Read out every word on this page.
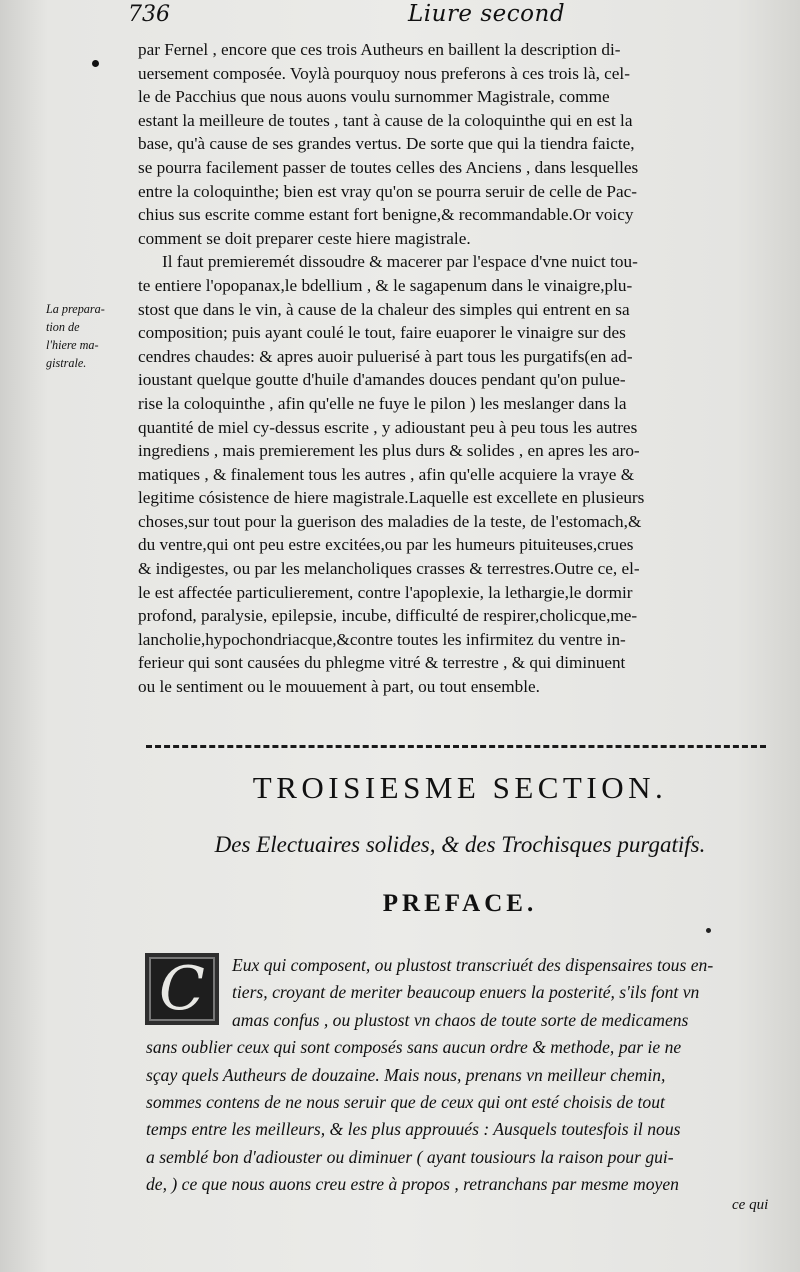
736	Liure second
La prepara-
tion de
l'hiere ma-
gistrale.
par Fernel , encore que ces trois Autheurs en baillent la description di-
uersement composée. Voylà pourquoy nous preferons à ces trois là, cel-
le de Pacchius que nous auons voulu surnommer Magistrale, comme
estant la meilleure de toutes , tant à cause de la coloquinthe qui en est la
base, qu'à cause de ses grandes vertus. De sorte que qui la tiendra faicte,
se pourra facilement passer de toutes celles des Anciens , dans lesquelles
entre la coloquinthe; bien est vray qu'on se pourra seruir de celle de Pac-
chius sus escrite comme estant fort benigne,& recommandable.Or voicy
comment se doit preparer ceste hiere magistrale.
Il faut premieremét dissoudre & macerer par l'espace d'vne nuict tou-
te entiere l'opopanax,le bdellium , & le sagapenum dans le vinaigre,plu-
stost que dans le vin, à cause de la chaleur des simples qui entrent en sa
composition; puis ayant coulé le tout, faire euaporer le vinaigre sur des
cendres chaudes: & apres auoir puluerisé à part tous les purgatifs(en ad-
ioustant quelque goutte d'huile d'amandes douces pendant qu'on pulue-
rise la coloquinthe , afin qu'elle ne fuye le pilon ) les meslanger dans la
quantité de miel cy-dessus escrite , y adioustant peu à peu tous les autres
ingrediens , mais premierement les plus durs & solides , en apres les aro-
matiques , & finalement tous les autres , afin qu'elle acquiere la vraye &
legitime cósistence de hiere magistrale.Laquelle est excellete en plusieurs
choses,sur tout pour la guerison des maladies de la teste, de l'estomach,&
du ventre,qui ont peu estre excitées,ou par les humeurs pituiteuses,crues
& indigestes, ou par les melancholiques crasses & terrestres.Outre ce, el-
le est affectée particulierement, contre l'apoplexie, la lethargie,le dormir
profond, paralysie, epilepsie, incube, difficulté de respirer,cholicque,me-
lancholie,hypochondriacque,&contre toutes les infirmitez du ventre in-
ferieur qui sont causées du phlegme vitré & terrestre , & qui diminuent
ou le sentiment ou le mouuement à part, ou tout ensemble.
TROISIESME SECTION.
Des Electuaires solides, & des Trochisques purgatifs.
PREFACE.
C	Eux qui composent, ou plustost transcriuét des dispensaires tous en-
tiers, croyant de meriter beaucoup enuers la posterité, s'ils font vn
amas confus , ou plustost vn chaos de toute sorte de medicamens
sans oublier ceux qui sont composés sans aucun ordre & methode, par ie ne
sçay quels Autheurs de douzaine. Mais nous, prenans vn meilleur chemin,
sommes contens de ne nous seruir que de ceux qui ont esté choisis de tout
temps entre les meilleurs, & les plus approuués : Ausquels toutesfois il nous
a semblé bon d'adiouster ou diminuer ( ayant tousiours la raison pour gui-
de, ) ce que nous auons creu estre à propos , retranchans par mesme moyen
ce qui
